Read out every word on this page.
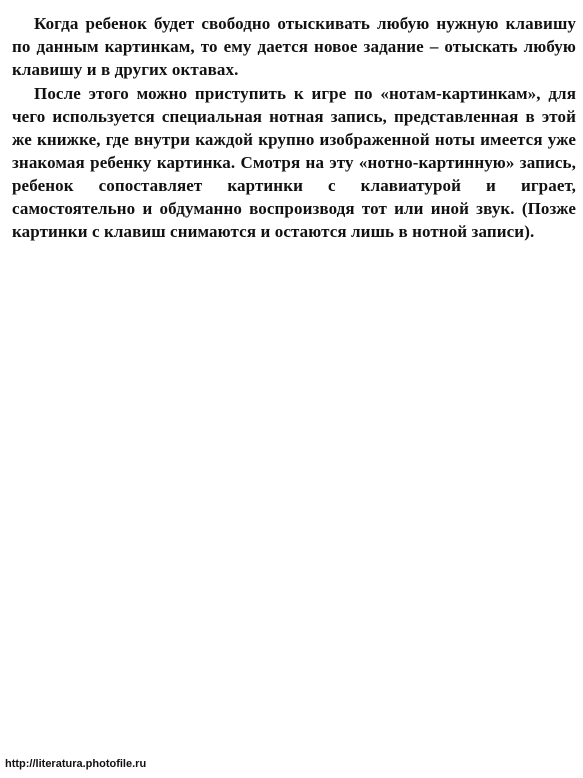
Когда ребенок будет свободно отыскивать любую нужную клавишу по данным картинкам, то ему дается новое задание – отыскать любую клавишу и в других октавах.

После этого можно приступить к игре по «нотам-картинкам», для чего используется специальная нотная запись, представленная в этой же книжке, где внутри каждой крупно изображенной ноты имеется уже знакомая ребенку картинка. Смотря на эту «нотно-картинную» запись, ребенок сопоставляет картинки с клавиатурой и играет, самостоятельно и обдуманно воспроизводя тот или иной звук. (Позже картинки с клавиш снимаются и остаются лишь в нотной записи).

http://literatura.photofile.ru
